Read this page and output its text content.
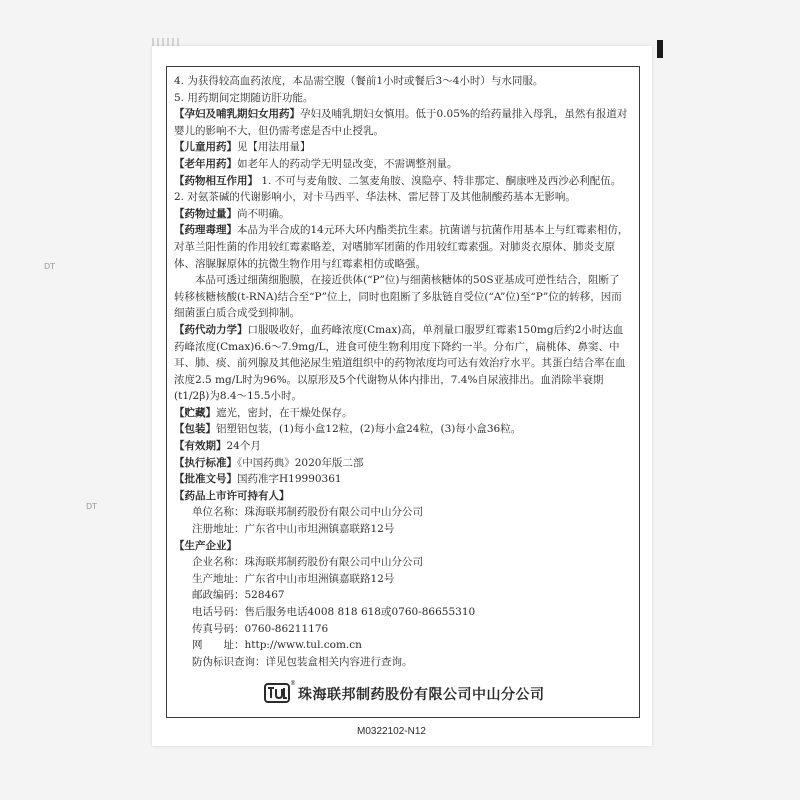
DT
DT

4. 为获得较高血药浓度，本品需空腹（餐前1小时或餐后3～4小时）与水同服。

5. 用药期间定期随访肝功能。

【孕妇及哺乳期妇女用药】孕妇及哺乳期妇女慎用。低于0.05%的给药量排入母乳，虽然有报道对婴儿的影响不大，但仍需考虑是否中止授乳。

【儿童用药】见【用法用量】

【老年用药】如老年人的药动学无明显改变，不需调整剂量。

【药物相互作用】 1. 不可与麦角胺、二氢麦角胺、溴隐亭、特非那定、酮康唑及西沙必利配伍。

2. 对氨茶碱的代谢影响小，对卡马西平、华法林、雷尼替丁及其他制酸药基本无影响。

【药物过量】尚不明确。

【药理毒理】本品为半合成的14元环大环内酯类抗生素。抗菌谱与抗菌作用基本上与红霉素相仿，对革兰阳性菌的作用较红霉素略差，对嗜肺军团菌的作用较红霉素强。对肺炎衣原体、肺炎支原体、溶脲脲原体的抗微生物作用与红霉素相仿或略强。

本品可透过细菌细胞膜，在接近供体(“P”位)与细菌核糖体的50S亚基成可逆性结合，阻断了转移核糖核酸(t-RNA)结合至“P”位上，同时也阻断了多肽链自受位(“A”位)至“P”位的转移，因而细菌蛋白质合成受到抑制。

【药代动力学】口服吸收好，血药峰浓度(Cmax)高，单剂量口服罗红霉素150mg后约2小时达血药峰浓度(Cmax)6.6～7.9mg/L，进食可使生物利用度下降约一半。分布广，扁桃体、鼻窦、中耳、肺、痰、前列腺及其他泌尿生殖道组织中的药物浓度均可达有效治疗水平。其蛋白结合率在血浓度2.5 mg/L时为96%。以原形及5个代谢物从体内排出，7.4%自尿液排出。血消除半衰期(t1/2β)为8.4～15.5小时。

【贮藏】遮光，密封，在干燥处保存。

【包装】铝塑铝包装，(1)每小盒12粒，(2)每小盒24粒，(3)每小盒36粒。

【有效期】24个月

【执行标准】《中国药典》2020年版二部

【批准文号】国药准字H19990361

【药品上市许可持有人】

单位名称：珠海联邦制药股份有限公司中山分公司

注册地址：广东省中山市坦洲镇嘉联路12号

【生产企业】

企业名称：珠海联邦制药股份有限公司中山分公司

生产地址：广东省中山市坦洲镇嘉联路12号

邮政编码：528467

电话号码：售后服务电话4008 818 618或0760-86655310

传真号码：0760-86211176

网　　址：http://www.tul.com.cn

防伪标识查询：详见包装盒相关内容进行查询。

®
珠海联邦制药股份有限公司中山分公司
M0322102-N12
